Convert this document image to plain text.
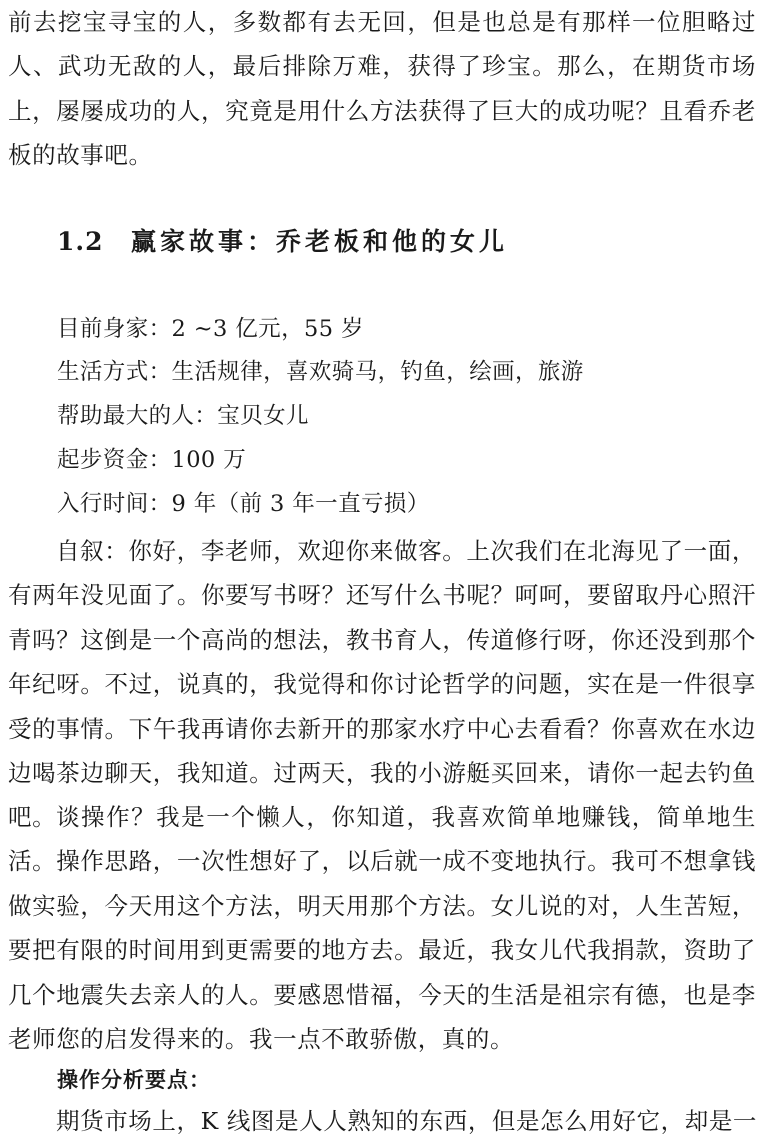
前去挖宝寻宝的人，多数都有去无回，但是也总是有那样一位胆略过人、武功无敌的人，最后排除万难，获得了珍宝。那么，在期货市场上，屡屡成功的人，究竟是用什么方法获得了巨大的成功呢？且看乔老板的故事吧。

1.2 赢家故事：乔老板和他的女儿

目前身家：2 ~3 亿元，55 岁

生活方式：生活规律，喜欢骑马，钓鱼，绘画，旅游

帮助最大的人：宝贝女儿

起步资金：100 万

入行时间：9 年（前 3 年一直亏损）

自叙：你好，李老师，欢迎你来做客。上次我们在北海见了一面，有两年没见面了。你要写书呀？还写什么书呢？呵呵，要留取丹心照汗青吗？这倒是一个高尚的想法，教书育人，传道修行呀，你还没到那个年纪呀。不过，说真的，我觉得和你讨论哲学的问题，实在是一件很享受的事情。下午我再请你去新开的那家水疗中心去看看？你喜欢在水边边喝茶边聊天，我知道。过两天，我的小游艇买回来，请你一起去钓鱼吧。 谈操作？我是一个懒人，你知道，我喜欢简单地赚钱，简单地生活。操作思路，一次性想好了，以后就一成不变地执行。我可不想拿钱做实验，今天用这个方法，明天用那个方法。女儿说的对，人生苦短，要把有限的时间用到更需要的地方去。最近，我女儿代我捐款，资助了几个地震失去亲人的人。要感恩惜福，今天的生活是祖宗有德，也是李老师您的启发得来的。我一点不敢骄傲，真的。

操作分析要点：

期货市场上，K 线图是人人熟知的东西，但是怎么用好它，却是一
